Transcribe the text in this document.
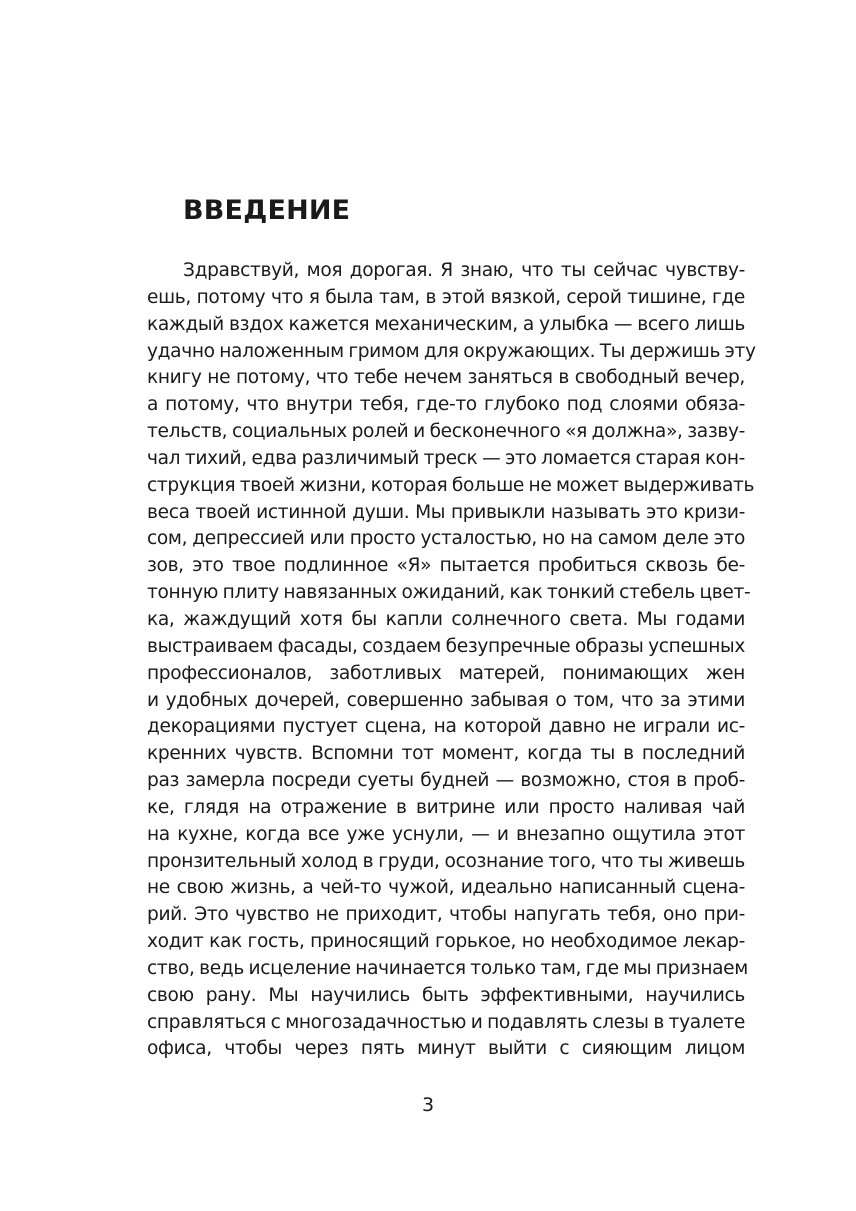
ВВЕДЕНИЕ
Здравствуй, моя дорогая. Я знаю, что ты сейчас чувству-
ешь, потому что я была там, в этой вязкой, серой тишине, где
каждый вздох кажется механическим, а улыбка — всего лишь
удачно наложенным гримом для окружающих. Ты держишь эту
книгу не потому, что тебе нечем заняться в свободный вечер,
а потому, что внутри тебя, где-то глубоко под слоями обяза-
тельств, социальных ролей и бесконечного «я должна», зазву-
чал тихий, едва различимый треск — это ломается старая кон-
струкция твоей жизни, которая больше не может выдерживать
веса твоей истинной души. Мы привыкли называть это кризи-
сом, депрессией или просто усталостью, но на самом деле это
зов, это твое подлинное «Я» пытается пробиться сквозь бе-
тонную плиту навязанных ожиданий, как тонкий стебель цвет-
ка, жаждущий хотя бы капли солнечного света. Мы годами
выстраиваем фасады, создаем безупречные образы успешных
профессионалов, заботливых матерей, понимающих жен
и удобных дочерей, совершенно забывая о том, что за этими
декорациями пустует сцена, на которой давно не играли ис-
кренних чувств. Вспомни тот момент, когда ты в последний
раз замерла посреди суеты будней — возможно, стоя в проб-
ке, глядя на отражение в витрине или просто наливая чай
на кухне, когда все уже уснули, — и внезапно ощутила этот
пронзительный холод в груди, осознание того, что ты живешь
не свою жизнь, а чей-то чужой, идеально написанный сцена-
рий. Это чувство не приходит, чтобы напугать тебя, оно при-
ходит как гость, приносящий горькое, но необходимое лекар-
ство, ведь исцеление начинается только там, где мы признаем
свою рану. Мы научились быть эффективными, научились
справляться с многозадачностью и подавлять слезы в туалете
офиса, чтобы через пять минут выйти с сияющим лицом
3
